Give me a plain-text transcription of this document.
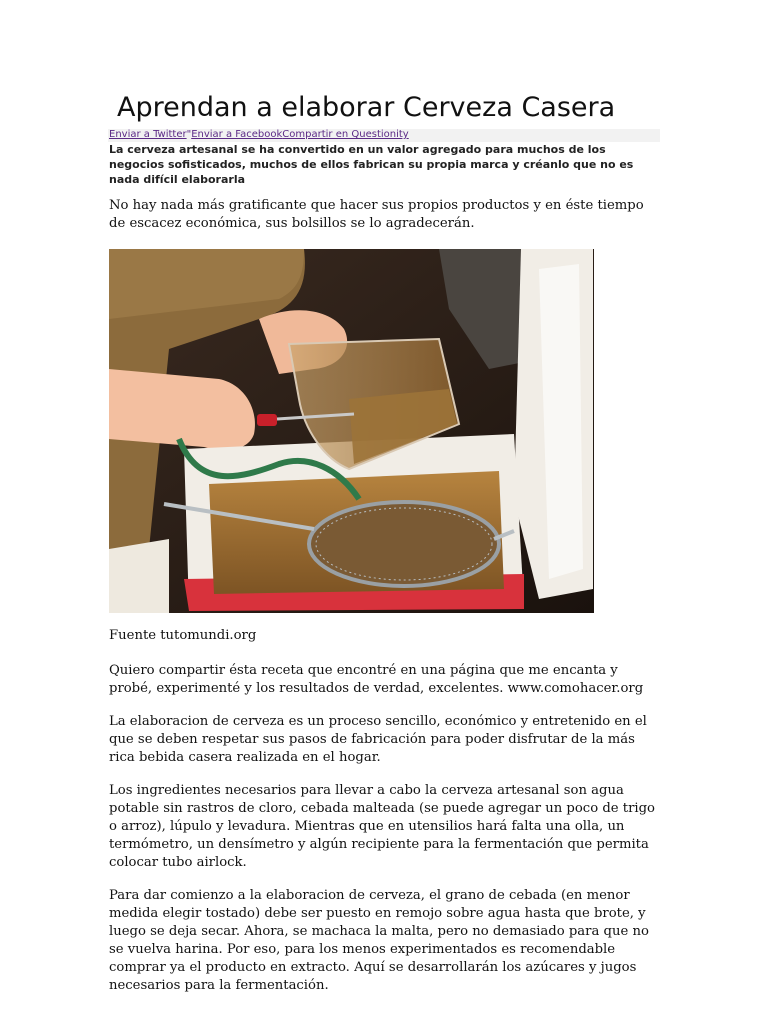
Aprendan a elaborar Cerveza Casera
Enviar a Twitter"Enviar a FacebookCompartir en Questionity

La cerveza artesanal se ha convertido en un valor agregado para muchos de los negocios sofisticados, muchos de ellos fabrican su propia marca y créanlo que no es nada difícil elaborarla

No hay nada más gratificante que hacer sus propios productos y en éste tiempo de escacez económica, sus bolsillos se lo agradecerán.

Fuente tutomundi.org

Quiero compartir ésta receta que encontré en una página que me encanta y probé, experimenté y los resultados de verdad, excelentes. www.comohacer.org

La elaboracion de cerveza es un proceso sencillo, económico y entretenido en el que se deben respetar sus pasos de fabricación para poder disfrutar de la más rica bebida casera realizada en el hogar.

Los ingredientes necesarios para llevar a cabo la cerveza artesanal son agua potable sin rastros de cloro, cebada malteada (se puede agregar un poco de trigo o arroz), lúpulo y levadura. Mientras que en utensilios hará falta una olla, un termómetro, un densímetro y algún recipiente para la fermentación que permita colocar tubo airlock.

Para dar comienzo a la elaboracion de cerveza, el grano de cebada (en menor medida elegir tostado) debe ser puesto en remojo sobre agua hasta que brote, y luego se deja secar. Ahora, se machaca la malta, pero no demasiado para que no se vuelva harina. Por eso, para los menos experimentados es recomendable comprar ya el producto en extracto. Aquí se desarrollarán los azúcares y jugos necesarios para la fermentación.
